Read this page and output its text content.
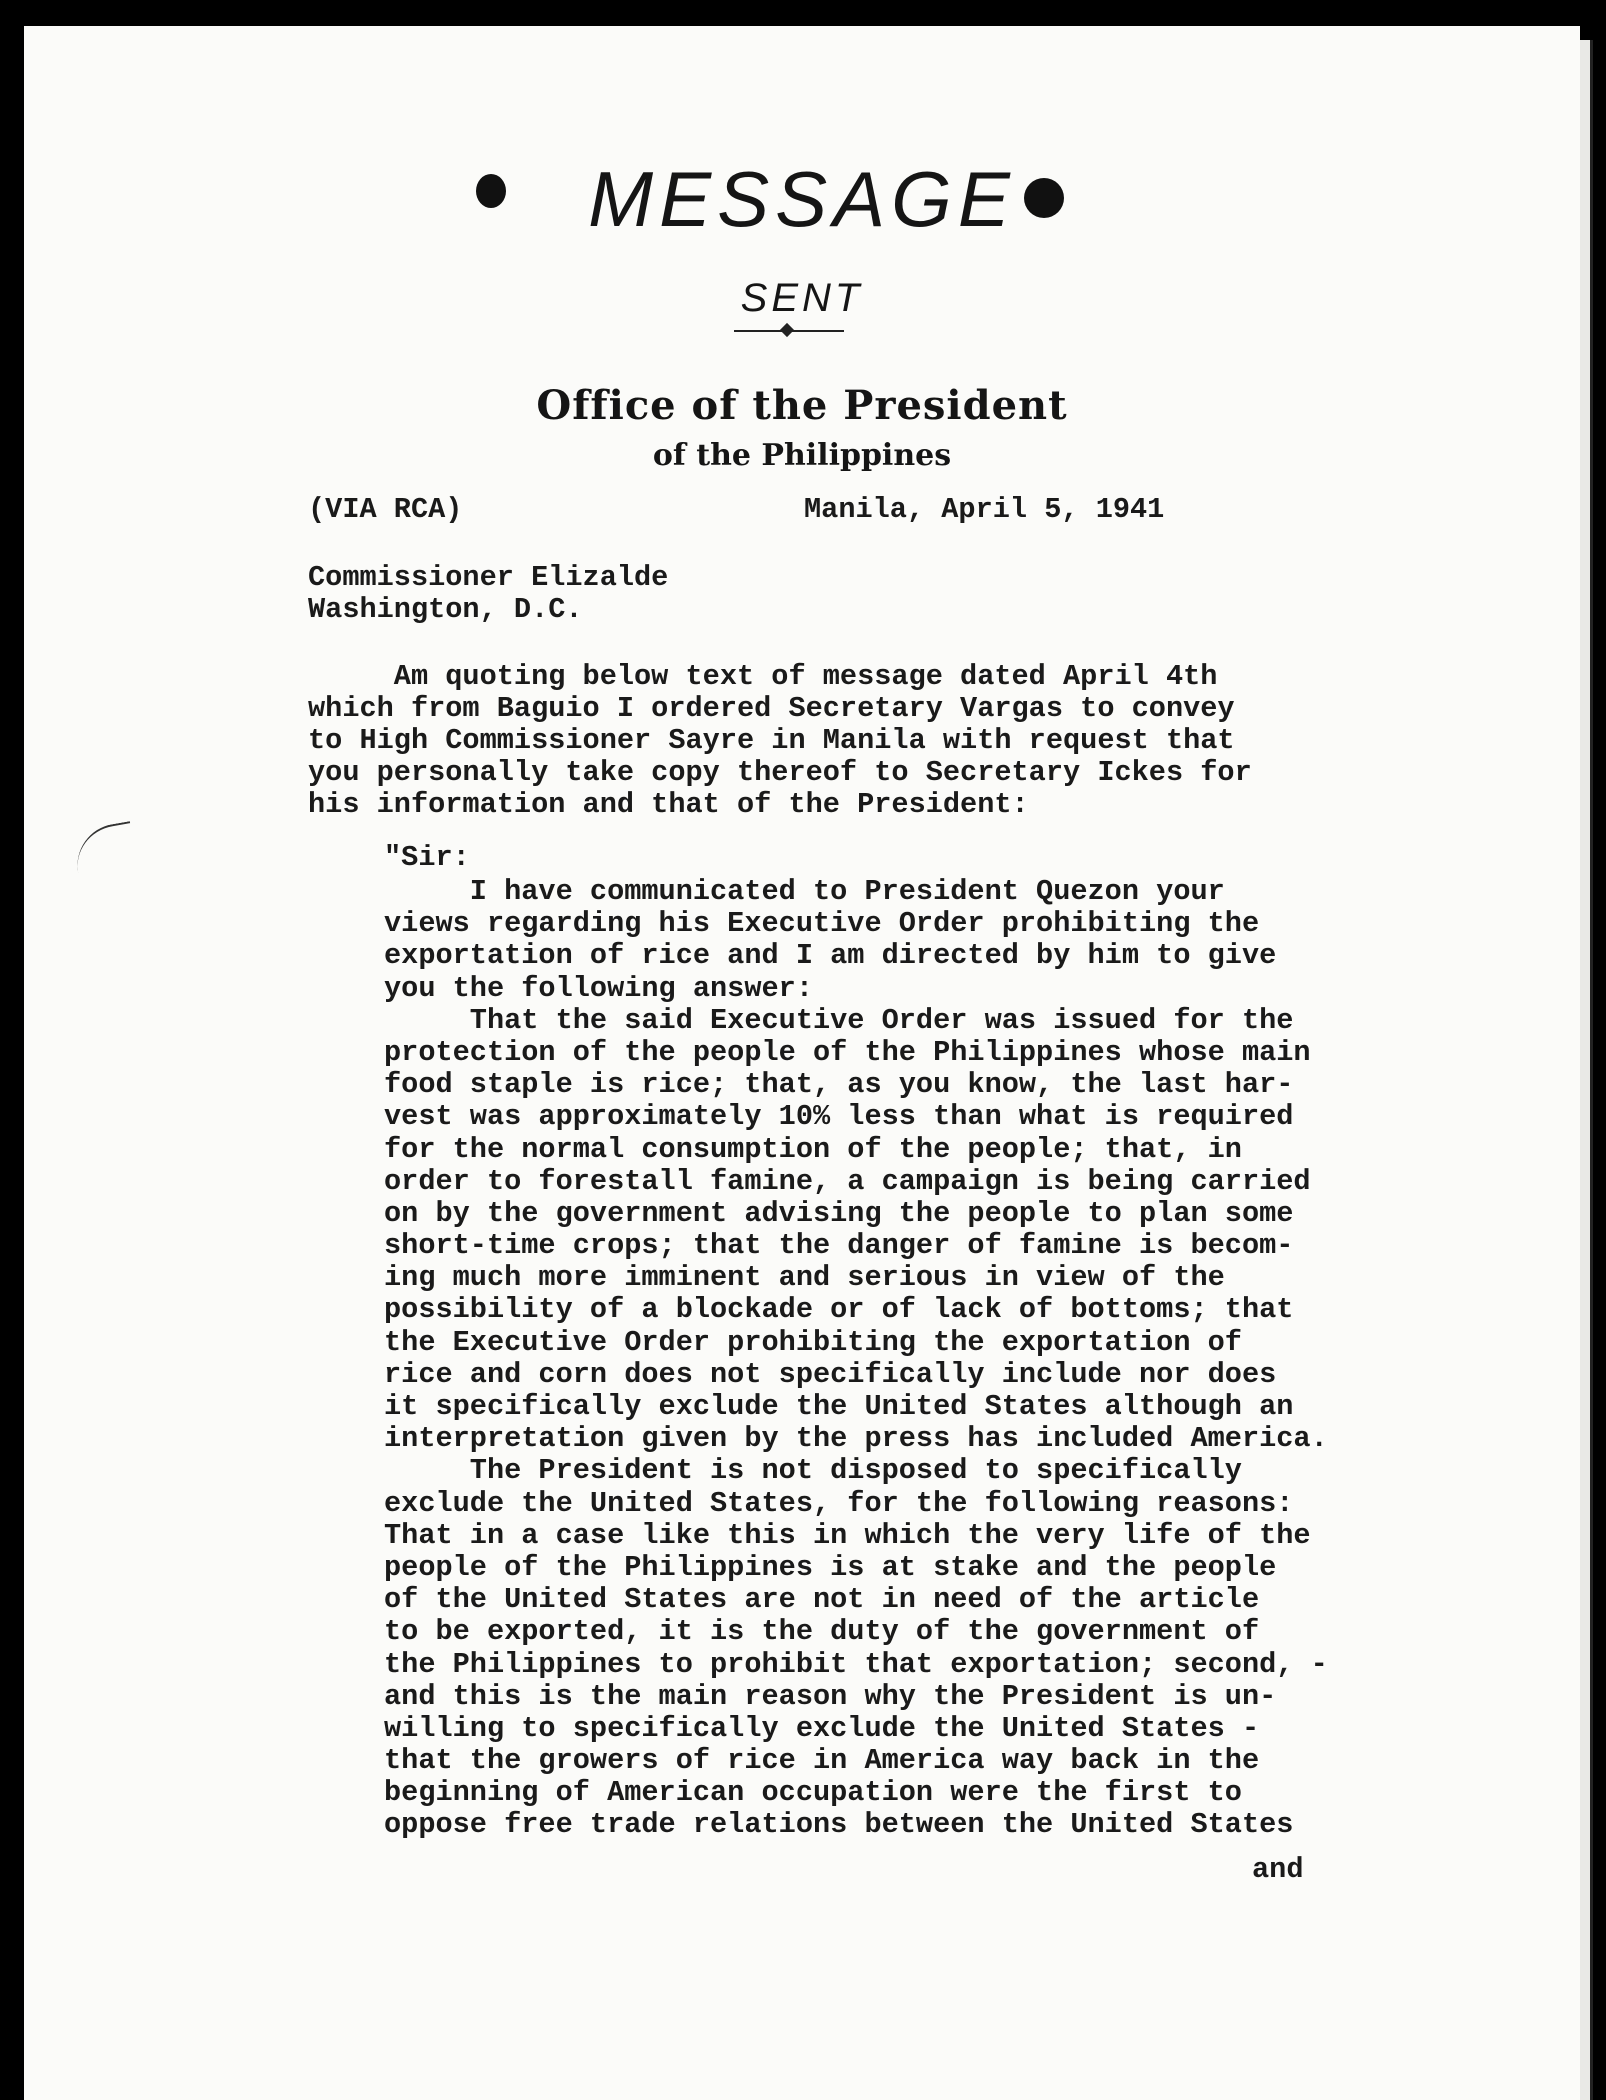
MESSAGE
SENT
Office of the President
of the Philippines
(VIA RCA)	Manila, April 5, 1941
Commissioner Elizalde
Washington, D.C.
Am quoting below text of message dated April 4th
which from Baguio I ordered Secretary Vargas to convey
to High Commissioner Sayre in Manila with request that
you personally take copy thereof to Secretary Ickes for
his information and that of the President:
"Sir:
I have communicated to President Quezon your
views regarding his Executive Order prohibiting the
exportation of rice and I am directed by him to give
you the following answer:
That the said Executive Order was issued for the
protection of the people of the Philippines whose main
food staple is rice; that, as you know, the last har-
vest was approximately 10% less than what is required
for the normal consumption of the people; that, in
order to forestall famine, a campaign is being carried
on by the government advising the people to plan some
short-time crops; that the danger of famine is becom-
ing much more imminent and serious in view of the
possibility of a blockade or of lack of bottoms; that
the Executive Order prohibiting the exportation of
rice and corn does not specifically include nor does
it specifically exclude the United States although an
interpretation given by the press has included America.
The President is not disposed to specifically
exclude the United States, for the following reasons:
That in a case like this in which the very life of the
people of the Philippines is at stake and the people
of the United States are not in need of the article
to be exported, it is the duty of the government of
the Philippines to prohibit that exportation; second, -
and this is the main reason why the President is un-
willing to specifically exclude the United States -
that the growers of rice in America way back in the
beginning of American occupation were the first to
oppose free trade relations between the United States
and
